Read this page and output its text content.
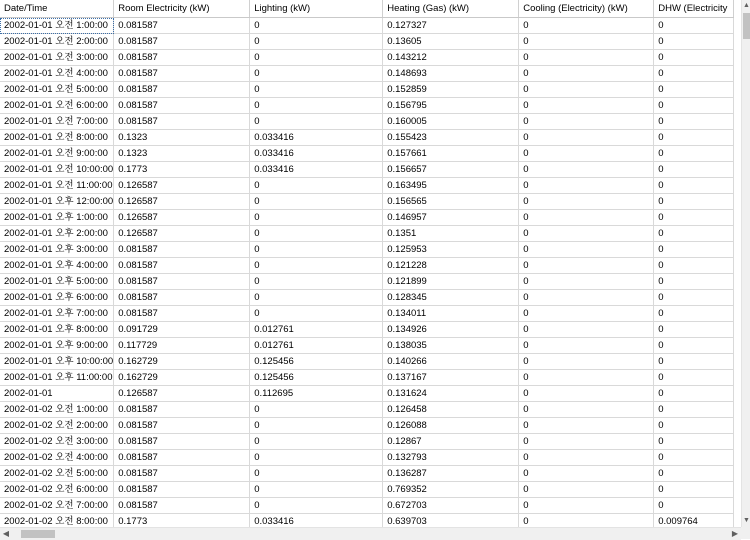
Date/Time	Room Electricity (kW)	Lighting (kW)	Heating (Gas) (kW)	Cooling (Electricity) (kW)	DHW (Electricity
2002-01-01 오전 1:00:00	0.081587	0	0.127327	0	0
2002-01-01 오전 2:00:00	0.081587	0	0.13605	0	0
2002-01-01 오전 3:00:00	0.081587	0	0.143212	0	0
2002-01-01 오전 4:00:00	0.081587	0	0.148693	0	0
2002-01-01 오전 5:00:00	0.081587	0	0.152859	0	0
2002-01-01 오전 6:00:00	0.081587	0	0.156795	0	0
2002-01-01 오전 7:00:00	0.081587	0	0.160005	0	0
2002-01-01 오전 8:00:00	0.1323	0.033416	0.155423	0	0
2002-01-01 오전 9:00:00	0.1323	0.033416	0.157661	0	0
2002-01-01 오전 10:00:00	0.1773	0.033416	0.156657	0	0
2002-01-01 오전 11:00:00	0.126587	0	0.163495	0	0
2002-01-01 오후 12:00:00	0.126587	0	0.156565	0	0
2002-01-01 오후 1:00:00	0.126587	0	0.146957	0	0
2002-01-01 오후 2:00:00	0.126587	0	0.1351	0	0
2002-01-01 오후 3:00:00	0.081587	0	0.125953	0	0
2002-01-01 오후 4:00:00	0.081587	0	0.121228	0	0
2002-01-01 오후 5:00:00	0.081587	0	0.121899	0	0
2002-01-01 오후 6:00:00	0.081587	0	0.128345	0	0
2002-01-01 오후 7:00:00	0.081587	0	0.134011	0	0
2002-01-01 오후 8:00:00	0.091729	0.012761	0.134926	0	0
2002-01-01 오후 9:00:00	0.117729	0.012761	0.138035	0	0
2002-01-01 오후 10:00:00	0.162729	0.125456	0.140266	0	0
2002-01-01 오후 11:00:00	0.162729	0.125456	0.137167	0	0
2002-01-01	0.126587	0.112695	0.131624	0	0
2002-01-02 오전 1:00:00	0.081587	0	0.126458	0	0
2002-01-02 오전 2:00:00	0.081587	0	0.126088	0	0
2002-01-02 오전 3:00:00	0.081587	0	0.12867	0	0
2002-01-02 오전 4:00:00	0.081587	0	0.132793	0	0
2002-01-02 오전 5:00:00	0.081587	0	0.136287	0	0
2002-01-02 오전 6:00:00	0.081587	0	0.769352	0	0
2002-01-02 오전 7:00:00	0.081587	0	0.672703	0	0
2002-01-02 오전 8:00:00	0.1773	0.033416	0.639703	0	0.009764
▲
▼
◀	▶
